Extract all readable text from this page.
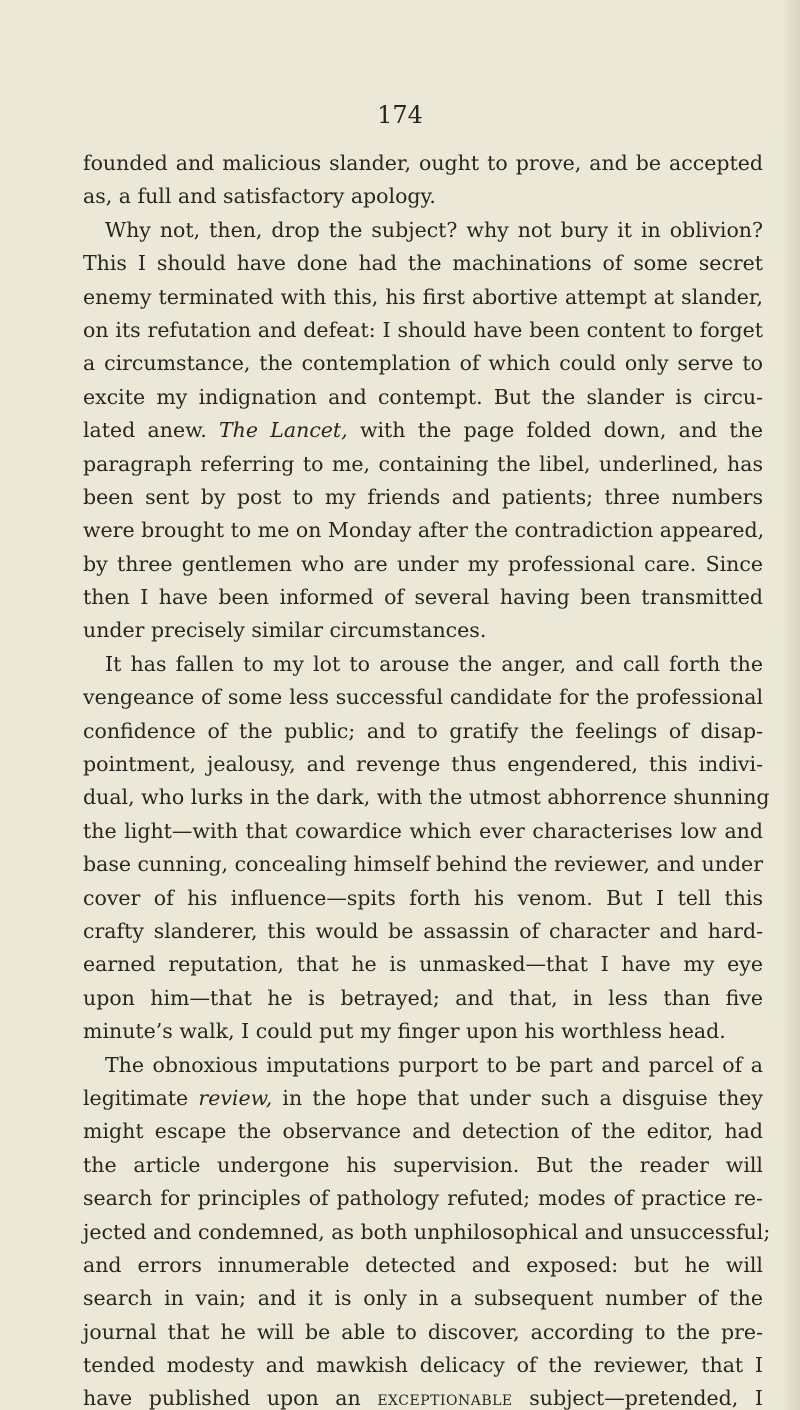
174
founded and malicious slander, ought to prove, and be accepted
as, a full and satisfactory apology.
Why not, then, drop the subject? why not bury it in oblivion?
This I should have done had the machinations of some secret
enemy terminated with this, his first abortive attempt at slander,
on its refutation and defeat: I should have been content to forget
a circumstance, the contemplation of which could only serve to
excite my indignation and contempt. But the slander is circu-
lated anew. The Lancet, with the page folded down, and the
paragraph referring to me, containing the libel, underlined, has
been sent by post to my friends and patients; three numbers
were brought to me on Monday after the contradiction appeared,
by three gentlemen who are under my professional care. Since
then I have been informed of several having been transmitted
under precisely similar circumstances.
It has fallen to my lot to arouse the anger, and call forth the
vengeance of some less successful candidate for the professional
confidence of the public; and to gratify the feelings of disap-
pointment, jealousy, and revenge thus engendered, this indivi-
dual, who lurks in the dark, with the utmost abhorrence shunning
the light—with that cowardice which ever characterises low and
base cunning, concealing himself behind the reviewer, and under
cover of his influence—spits forth his venom. But I tell this
crafty slanderer, this would be assassin of character and hard-
earned reputation, that he is unmasked—that I have my eye
upon him—that he is betrayed; and that, in less than five
minute’s walk, I could put my finger upon his worthless head.
The obnoxious imputations purport to be part and parcel of a
legitimate review, in the hope that under such a disguise they
might escape the observance and detection of the editor, had
the article undergone his supervision. But the reader will
search for principles of pathology refuted; modes of practice re-
jected and condemned, as both unphilosophical and unsuccessful;
and errors innumerable detected and exposed: but he will
search in vain; and it is only in a subsequent number of the
journal that he will be able to discover, according to the pre-
tended modesty and mawkish delicacy of the reviewer, that I
have published upon an exceptionable subject—pretended, I
